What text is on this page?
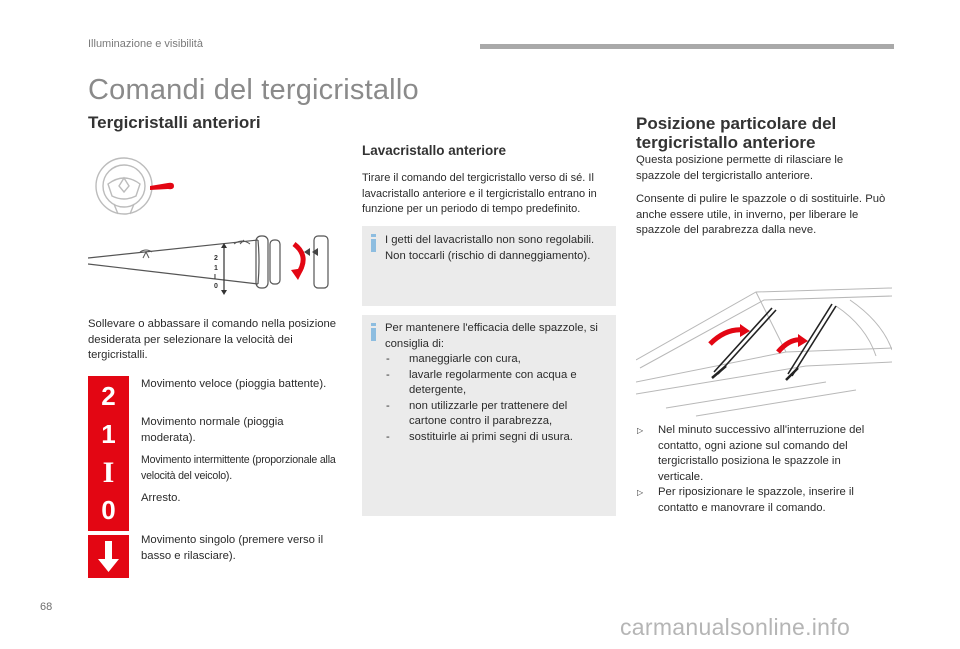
Illuminazione e visibilità
Comandi del tergicristallo
Tergicristalli anteriori
2
1
I
0
Sollevare o abbassare il comando nella posizione desiderata per selezionare la velocità dei tergicristalli.
2	Movimento veloce (pioggia battente).
1	Movimento normale (pioggia moderata).
I	Movimento intermittente (proporzionale alla velocità del veicolo).
0	Arresto.
Movimento singolo (premere verso il basso e rilasciare).
Lavacristallo anteriore
Tirare il comando del tergicristallo verso di sé. Il lavacristallo anteriore e il tergicristallo entrano in funzione per un periodo di tempo predefinito.
I getti del lavacristallo non sono regolabili. Non toccarli (rischio di danneggiamento).
Per mantenere l'efficacia delle spazzole, si consiglia di:
- maneggiarle con cura,
- lavarle regolarmente con acqua e detergente,
- non utilizzarle per trattenere del cartone contro il parabrezza,
- sostituirle ai primi segni di usura.
Posizione particolare del tergicristallo anteriore
Questa posizione permette di rilasciare le spazzole del tergicristallo anteriore.
Consente di pulire le spazzole o di sostituirle. Può anche essere utile, in inverno, per liberare le spazzole del parabrezza dalla neve.
▷ Nel minuto successivo all'interruzione del contatto, ogni azione sul comando del tergicristallo posiziona le spazzole in verticale.
▷ Per riposizionare le spazzole, inserire il contatto e manovrare il comando.
68
carmanualsonline.info
